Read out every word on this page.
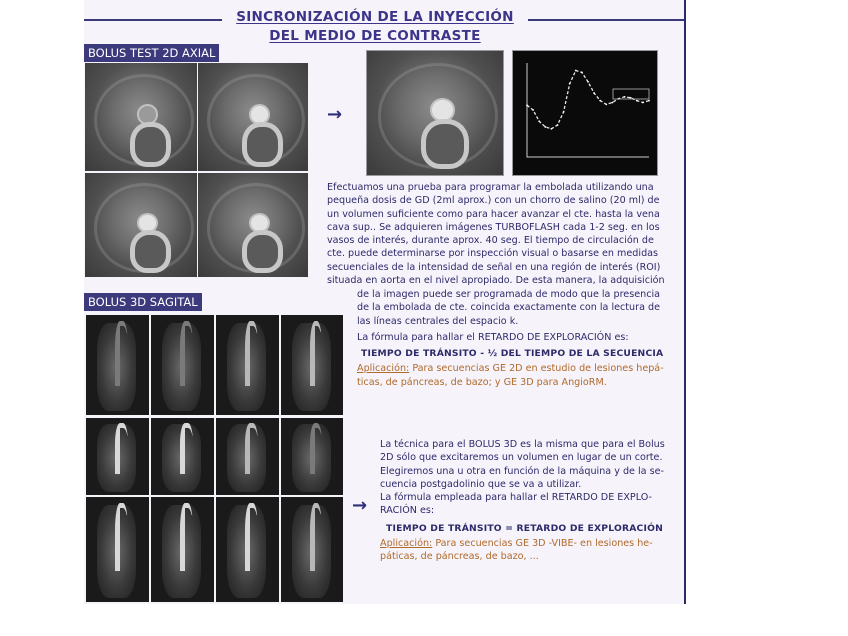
SINCRONIZACIÓN DE LA INYECCIÓN
DEL MEDIO DE CONTRASTE
BOLUS TEST 2D AXIAL
BOLUS 3D SAGITAL
→

Efectuamos una prueba para programar la embolada utilizando una

pequeña dosis de GD (2ml aprox.) con un chorro de salino (20 ml) de

un volumen suficiente como para hacer avanzar el cte. hasta la vena

cava sup.. Se adquieren imágenes TURBOFLASH cada 1-2 seg. en los

vasos de interés, durante aprox. 40 seg. El tiempo de circulación de

cte. puede determinarse por inspección visual o basarse en medidas

secuenciales de la intensidad de señal en una región de interés (ROI)

situada en aorta en el nivel apropiado. De esta manera, la adquisición

de la imagen puede ser programada de modo que la presencia

de la embolada de cte. coincida exactamente con la lectura de

las líneas centrales del espacio k.

La fórmula para hallar el RETARDO DE EXPLORACIÓN es:

TIEMPO DE TRÁNSITO - ½ DEL TIEMPO DE LA SECUENCIA

Aplicación: Para secuencias GE 2D en estudio de lesiones hepá-

ticas, de páncreas, de bazo; y GE 3D para AngioRM.

La técnica para el BOLUS 3D es la misma que para el Bolus

2D sólo que excitaremos un volumen en lugar de un corte.

Elegiremos una u otra en función de la máquina y de la se-

cuencia postgadolinio que se va a utilizar.

La fórmula empleada para hallar el RETARDO DE EXPLO-

RACIÓN es:

TIEMPO DE TRÁNSITO = RETARDO DE EXPLORACIÓN

Aplicación: Para secuencias GE 3D -VIBE- en lesiones he-

páticas, de páncreas, de bazo, ...

→
